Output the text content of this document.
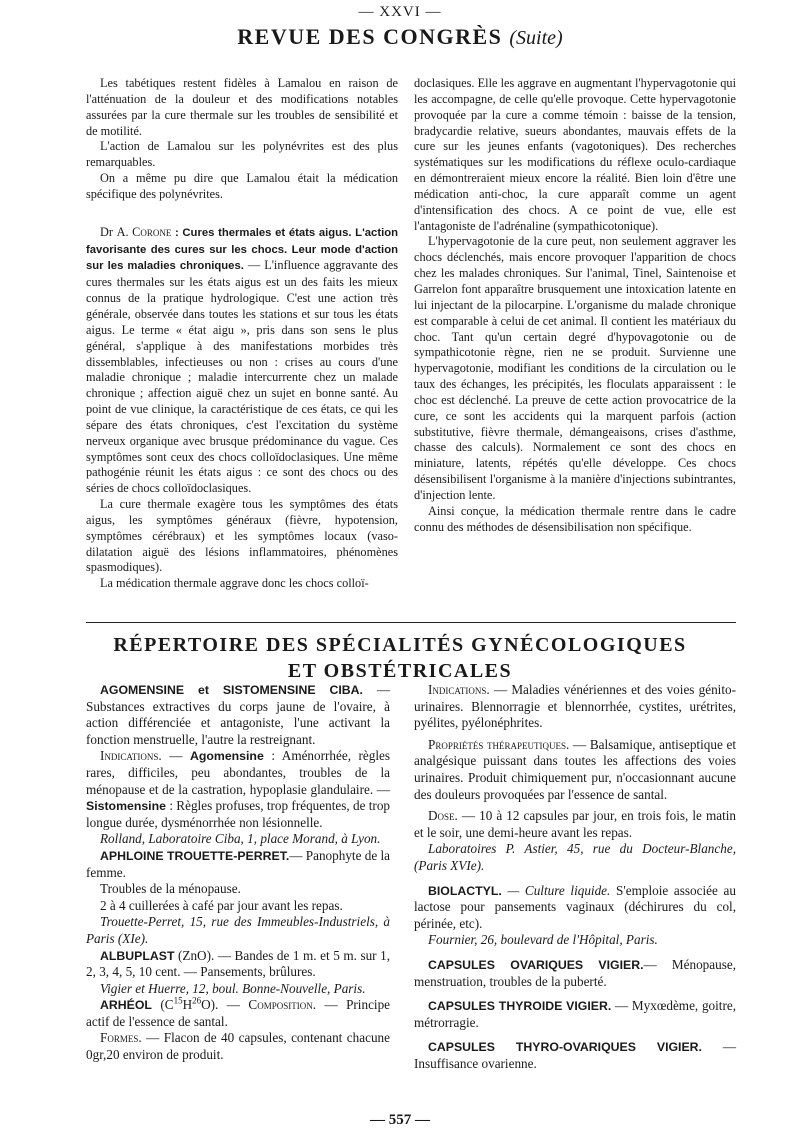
— XXVI —
REVUE DES CONGRÈS (Suite)

Les tabétiques restent fidèles à Lamalou en raison de l'atténuation de la douleur et des modifications notables assurées par la cure thermale sur les troubles de sensibilité et de motilité.

L'action de Lamalou sur les polynévrites est des plus remarquables.

On a même pu dire que Lamalou était la médication spécifique des polynévrites.

Dr A. Corone : Cures thermales et états aigus. L'action favorisante des cures sur les chocs. Leur mode d'action sur les maladies chroniques. — L'influence aggravante des cures thermales sur les états aigus est un des faits les mieux connus de la pratique hydrologique. C'est une action très générale, observée dans toutes les stations et sur tous les états aigus. Le terme « état aigu », pris dans son sens le plus général, s'applique à des manifestations morbides très dissemblables, infectieuses ou non : crises au cours d'une maladie chronique ; maladie intercurrente chez un malade chronique ; affection aiguë chez un sujet en bonne santé. Au point de vue clinique, la caractéristique de ces états, ce qui les sépare des états chroniques, c'est l'excitation du système nerveux organique avec brusque prédominance du vague. Ces symptômes sont ceux des chocs colloïdoclasiques. Une même pathogénie réunit les états aigus : ce sont des chocs ou des séries de chocs colloïdoclasiques.

La cure thermale exagère tous les symptômes des états aigus, les symptômes généraux (fièvre, hypotension, symptômes cérébraux) et les symptômes locaux (vaso-dilatation aiguë des lésions inflammatoires, phénomènes spasmodiques).

La médication thermale aggrave donc les chocs colloï-

doclasiques. Elle les aggrave en augmentant l'hypervagotonie qui les accompagne, de celle qu'elle provoque. Cette hypervagotonie provoquée par la cure a comme témoin : baisse de la tension, bradycardie relative, sueurs abondantes, mauvais effets de la cure sur les jeunes enfants (vagotoniques). Des recherches systématiques sur les modifications du réflexe oculo-cardiaque en démontreraient mieux encore la réalité. Bien loin d'être une médication anti-choc, la cure apparaît comme un agent d'intensification des chocs. A ce point de vue, elle est l'antagoniste de l'adrénaline (sympathicotonique).

L'hypervagotonie de la cure peut, non seulement aggraver les chocs déclenchés, mais encore provoquer l'apparition de chocs chez les malades chroniques. Sur l'animal, Tinel, Saintenoise et Garrelon font apparaître brusquement une intoxication latente en lui injectant de la pilocarpine. L'organisme du malade chronique est comparable à celui de cet animal. Il contient les matériaux du choc. Tant qu'un certain degré d'hypovagotonie ou de sympathicotonie règne, rien ne se produit. Survienne une hypervagotonie, modifiant les conditions de la circulation ou le taux des échanges, les précipités, les floculats apparaissent : le choc est déclenché. La preuve de cette action provocatrice de la cure, ce sont les accidents qui la marquent parfois (action substitutive, fièvre thermale, démangeaisons, crises d'asthme, chasse des calculs). Normalement ce sont des chocs en miniature, latents, répétés qu'elle développe. Ces chocs désensibilisent l'organisme à la manière d'injections subintrantes, d'injection lente.

Ainsi conçue, la médication thermale rentre dans le cadre connu des méthodes de désensibilisation non spécifique.

RÉPERTOIRE DES SPÉCIALITÉS GYNÉCOLOGIQUES
ET OBSTÉTRICALES

AGOMENSINE et SISTOMENSINE CIBA. — Substances extractives du corps jaune de l'ovaire, à action différenciée et antagoniste, l'une activant la fonction menstruelle, l'autre la restreignant.

Indications. — Agomensine : Aménorrhée, règles rares, difficiles, peu abondantes, troubles de la ménopause et de la castration, hypoplasie glandulaire. — Sistomensine : Règles profuses, trop fréquentes, de trop longue durée, dysménorrhée non lésionnelle.

Rolland, Laboratoire Ciba, 1, place Morand, à Lyon.

APHLOINE TROUETTE-PERRET.— Panophyte de la femme.

Troubles de la ménopause.

2 à 4 cuillerées à café par jour avant les repas.

Trouette-Perret, 15, rue des Immeubles-Industriels, à Paris (XIe).

ALBUPLAST (ZnO). — Bandes de 1 m. et 5 m. sur 1, 2, 3, 4, 5, 10 cent. — Pansements, brûlures.

Vigier et Huerre, 12, boul. Bonne-Nouvelle, Paris.

ARHÉOL $(C^{15}H^{26}O)$. — Composition. — Principe actif de l'essence de santal.

Formes. — Flacon de 40 capsules, contenant chacune 0gr,20 environ de produit.

Indications. — Maladies vénériennes et des voies génito-urinaires. Blennorragie et blennorrhée, cystites, urétrites, pyélites, pyélonéphrites.

Propriétés thérapeutiques. — Balsamique, antiseptique et analgésique puissant dans toutes les affections des voies urinaires. Produit chimiquement pur, n'occasionnant aucune des douleurs provoquées par l'essence de santal.

Dose. — 10 à 12 capsules par jour, en trois fois, le matin et le soir, une demi-heure avant les repas.

Laboratoires P. Astier, 45, rue du Docteur-Blanche, (Paris XVIe).

BIOLACTYL. — Culture liquide. S'emploie associée au lactose pour pansements vaginaux (déchirures du col, périnée, etc).

Fournier, 26, boulevard de l'Hôpital, Paris.

CAPSULES OVARIQUES VIGIER.— Ménopause, menstruation, troubles de la puberté.

CAPSULES THYROIDE VIGIER. — Myxœdème, goitre, métrorragie.

CAPSULES THYRO-OVARIQUES VIGIER. — Insuffisance ovarienne.

— 557 —
